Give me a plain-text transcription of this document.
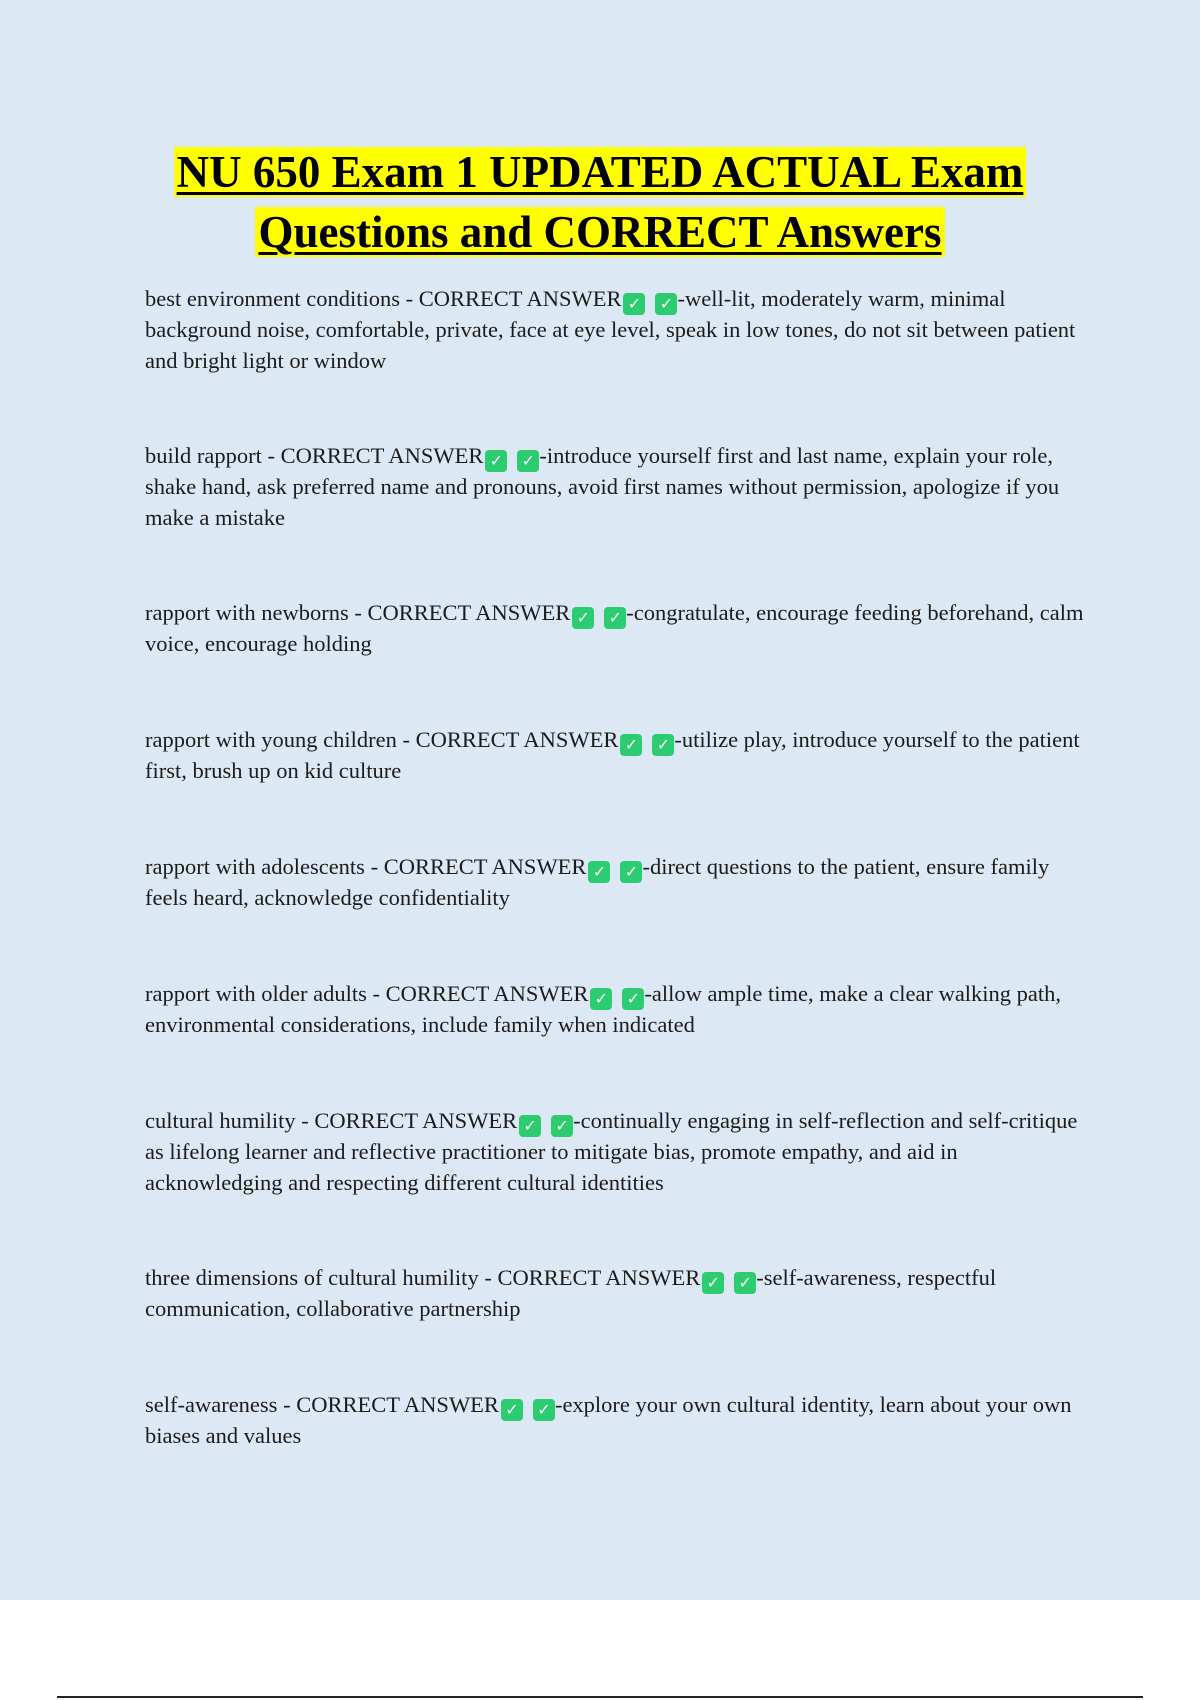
NU 650 Exam 1 UPDATED ACTUAL Exam
Questions and CORRECT Answers
best environment conditions - CORRECT ANSWER ✓ ✓ -well-lit, moderately warm, minimal background noise, comfortable, private, face at eye level, speak in low tones, do not sit between patient and bright light or window
build rapport - CORRECT ANSWER ✓ ✓ -introduce yourself first and last name, explain your role, shake hand, ask preferred name and pronouns, avoid first names without permission, apologize if you make a mistake
rapport with newborns - CORRECT ANSWER ✓ ✓ -congratulate, encourage feeding beforehand, calm voice, encourage holding
rapport with young children - CORRECT ANSWER ✓ ✓ -utilize play, introduce yourself to the patient first, brush up on kid culture
rapport with adolescents - CORRECT ANSWER ✓ ✓ -direct questions to the patient, ensure family feels heard, acknowledge confidentiality
rapport with older adults - CORRECT ANSWER ✓ ✓ -allow ample time, make a clear walking path, environmental considerations, include family when indicated
cultural humility - CORRECT ANSWER ✓ ✓ -continually engaging in self-reflection and self-critique as lifelong learner and reflective practitioner to mitigate bias, promote empathy, and aid in acknowledging and respecting different cultural identities
three dimensions of cultural humility - CORRECT ANSWER ✓ ✓ -self-awareness, respectful communication, collaborative partnership
self-awareness - CORRECT ANSWER ✓ ✓ -explore your own cultural identity, learn about your own biases and values
